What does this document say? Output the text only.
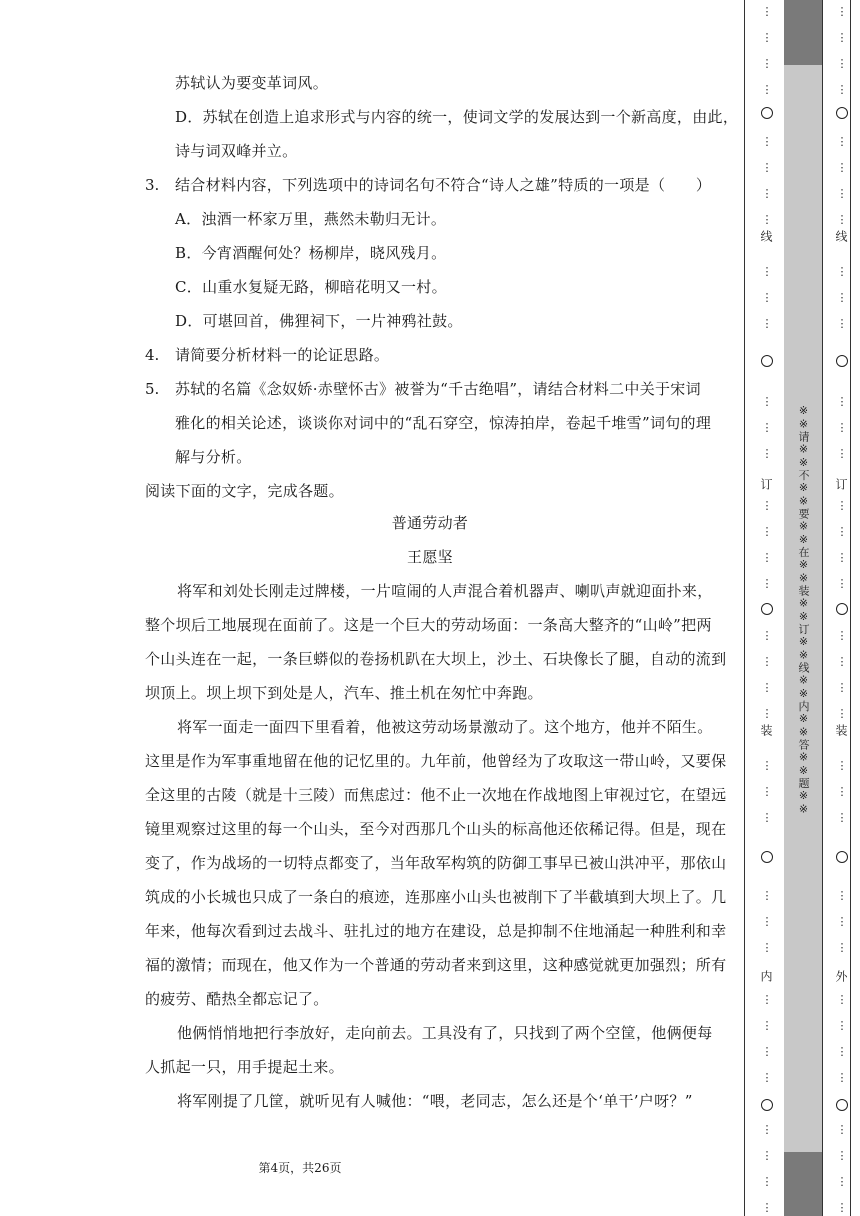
苏轼认为要变革词风。
D．苏轼在创造上追求形式与内容的统一，使词文学的发展达到一个新高度，由此，
诗与词双峰并立。
3. 结合材料内容，下列选项中的诗词名句不符合“诗人之雄”特质的一项是（　　）
A．浊酒一杯家万里，燕然未勒归无计。
B．今宵酒醒何处？杨柳岸，晓风残月。
C．山重水复疑无路，柳暗花明又一村。
D．可堪回首，佛狸祠下，一片神鸦社鼓。
4. 请简要分析材料一的论证思路。
5. 苏轼的名篇《念奴娇·赤壁怀古》被誉为“千古绝唱”，请结合材料二中关于宋词
雅化的相关论述，谈谈你对词中的“乱石穿空，惊涛拍岸，卷起千堆雪”词句的理
解与分析。
阅读下面的文字，完成各题。
普通劳动者
王愿坚
将军和刘处长刚走过牌楼，一片喧闹的人声混合着机器声、喇叭声就迎面扑来，
整个坝后工地展现在面前了。这是一个巨大的劳动场面：一条高大整齐的“山岭”把两
个山头连在一起，一条巨蟒似的卷扬机趴在大坝上，沙土、石块像长了腿，自动的流到
坝顶上。坝上坝下到处是人，汽车、推土机在匆忙中奔跑。
将军一面走一面四下里看着，他被这劳动场景激动了。这个地方，他并不陌生。
这里是作为军事重地留在他的记忆里的。九年前，他曾经为了攻取这一带山岭，又要保
全这里的古陵（就是十三陵）而焦虑过：他不止一次地在作战地图上审视过它，在望远
镜里观察过这里的每一个山头，至今对西那几个山头的标高他还依稀记得。但是，现在
变了，作为战场的一切特点都变了，当年敌军构筑的防御工事早已被山洪冲平，那依山
筑成的小长城也只成了一条白的痕迹，连那座小山头也被削下了半截填到大坝上了。几
年来，他每次看到过去战斗、驻扎过的地方在建设，总是抑制不住地涌起一种胜利和幸
福的激情；而现在，他又作为一个普通的劳动者来到这里，这种感觉就更加强烈；所有
的疲劳、酷热全都忘记了。
他俩悄悄地把行李放好，走向前去。工具没有了，只找到了两个空筐，他俩便每
人抓起一只，用手提起土来。
将军刚提了几筐，就听见有人喊他：“喂，老同志，怎么还是个‘单干’户呀？”
第4页，共26页
※※请※※不※※要※※在※※装※※订※※线※※内※※答※※题※※
⋮
⋮
⋮
⋮
⋮
⋮
⋮
⋮
⋮
⋮
⋮
⋮
⋮
⋮
⋮
⋮
⋮
⋮
⋮
⋮
⋮
⋮
⋮
⋮
⋮
⋮
⋮
⋮
⋮
⋮
⋮
⋮
⋮
⋮
⋮
⋮
线
订
装
内
⋮
⋮
⋮
⋮
⋮
⋮
⋮
⋮
⋮
⋮
⋮
⋮
⋮
⋮
⋮
⋮
⋮
⋮
⋮
⋮
⋮
⋮
⋮
⋮
⋮
⋮
⋮
⋮
⋮
⋮
⋮
⋮
⋮
⋮
⋮
⋮
线
订
装
外
